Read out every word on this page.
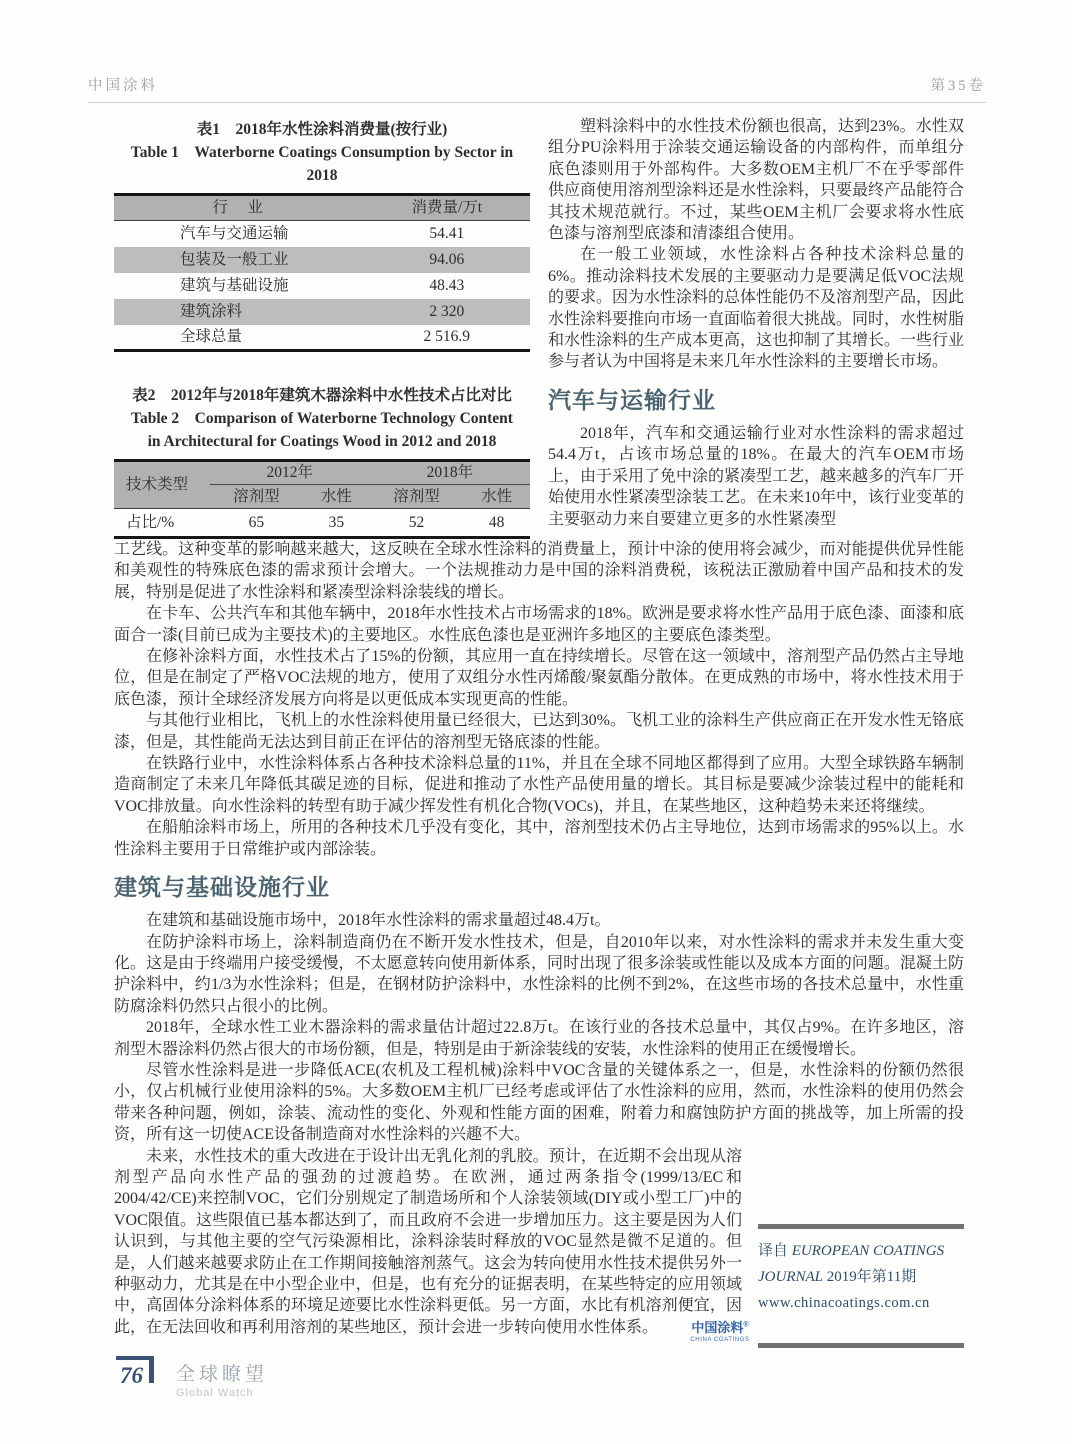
中国涂料	第35卷
表1　2018年水性涂料消费量(按行业)
Table 1　Waterborne Coatings Consumption by Sector in 2018
行　业	消费量/万t
汽车与交通运输	54.41
包装及一般工业	94.06
建筑与基础设施	48.43
建筑涂料	2 320
全球总量	2 516.9
表2　2012年与2018年建筑木器涂料中水性技术占比对比
Table 2　Comparison of Waterborne Technology Content in Architectural for Coatings Wood in 2012 and 2018
技术类型	2012年		2018年	
	溶剂型	水性	溶剂型	水性
占比/%	65	35	52	48

塑料涂料中的水性技术份额也很高，达到23%。水性双组分PU涂料用于涂装交通运输设备的内部构件，而单组分底色漆则用于外部构件。大多数OEM主机厂不在乎零部件供应商使用溶剂型涂料还是水性涂料，只要最终产品能符合其技术规范就行。不过，某些OEM主机厂会要求将水性底色漆与溶剂型底漆和清漆组合使用。

在一般工业领域，水性涂料占各种技术涂料总量的6%。推动涂料技术发展的主要驱动力是要满足低VOC法规的要求。因为水性涂料的总体性能仍不及溶剂型产品，因此水性涂料要推向市场一直面临着很大挑战。同时，水性树脂和水性涂料的生产成本更高，这也抑制了其增长。一些行业参与者认为中国将是未来几年水性涂料的主要增长市场。

汽车与运输行业

2018年，汽车和交通运输行业对水性涂料的需求超过54.4万t，占该市场总量的18%。在最大的汽车OEM市场上，由于采用了免中涂的紧凑型工艺，越来越多的汽车厂开始使用水性紧凑型涂装工艺。在未来10年中，该行业变革的主要驱动力来自要建立更多的水性紧凑型

工艺线。这种变革的影响越来越大，这反映在全球水性涂料的消费量上，预计中涂的使用将会减少，而对能提供优异性能和美观性的特殊底色漆的需求预计会增大。一个法规推动力是中国的涂料消费税，该税法正激励着中国产品和技术的发展，特别是促进了水性涂料和紧凑型涂料涂装线的增长。

在卡车、公共汽车和其他车辆中，2018年水性技术占市场需求的18%。欧洲是要求将水性产品用于底色漆、面漆和底面合一漆(目前已成为主要技术)的主要地区。水性底色漆也是亚洲许多地区的主要底色漆类型。

在修补涂料方面，水性技术占了15%的份额，其应用一直在持续增长。尽管在这一领域中，溶剂型产品仍然占主导地位，但是在制定了严格VOC法规的地方，使用了双组分水性丙烯酸/聚氨酯分散体。在更成熟的市场中，将水性技术用于底色漆，预计全球经济发展方向将是以更低成本实现更高的性能。

与其他行业相比，飞机上的水性涂料使用量已经很大，已达到30%。飞机工业的涂料生产供应商正在开发水性无铬底漆，但是，其性能尚无法达到目前正在评估的溶剂型无铬底漆的性能。

在铁路行业中，水性涂料体系占各种技术涂料总量的11%，并且在全球不同地区都得到了应用。大型全球铁路车辆制造商制定了未来几年降低其碳足迹的目标，促进和推动了水性产品使用量的增长。其目标是要减少涂装过程中的能耗和VOC排放量。向水性涂料的转型有助于减少挥发性有机化合物(VOCs)，并且，在某些地区，这种趋势未来还将继续。

在船舶涂料市场上，所用的各种技术几乎没有变化，其中，溶剂型技术仍占主导地位，达到市场需求的95%以上。水性涂料主要用于日常维护或内部涂装。

建筑与基础设施行业

在建筑和基础设施市场中，2018年水性涂料的需求量超过48.4万t。

在防护涂料市场上，涂料制造商仍在不断开发水性技术，但是，自2010年以来，对水性涂料的需求并未发生重大变化。这是由于终端用户接受缓慢，不太愿意转向使用新体系，同时出现了很多涂装或性能以及成本方面的问题。混凝土防护涂料中，约1/3为水性涂料；但是，在钢材防护涂料中，水性涂料的比例不到2%，在这些市场的各技术总量中，水性重防腐涂料仍然只占很小的比例。

2018年，全球水性工业木器涂料的需求量估计超过22.8万t。在该行业的各技术总量中，其仅占9%。在许多地区，溶剂型木器涂料仍然占很大的市场份额，但是，特别是由于新涂装线的安装，水性涂料的使用正在缓慢增长。

尽管水性涂料是进一步降低ACE(农机及工程机械)涂料中VOC含量的关键体系之一，但是，水性涂料的份额仍然很小，仅占机械行业使用涂料的5%。大多数OEM主机厂已经考虑或评估了水性涂料的应用，然而，水性涂料的使用仍然会带来各种问题，例如，涂装、流动性的变化、外观和性能方面的困难，附着力和腐蚀防护方面的挑战等，加上所需的投资，所有这一切使ACE设备制造商对水性涂料的兴趣不大。

译自 EUROPEAN COATINGS JOURNAL 2019年第11期
www.chinacoatings.com.cn
中国涂料®
CHINA COATINGS
未来，水性技术的重大改进在于设计出无乳化剂的乳胶。预计，在近期不会出现从溶剂型产品向水性产品的强劲的过渡趋势。在欧洲，通过两条指令(1999/13/EC和2004/42/CE)来控制VOC，它们分别规定了制造场所和个人涂装领域(DIY或小型工厂)中的VOC限值。这些限值已基本都达到了，而且政府不会进一步增加压力。这主要是因为人们认识到，与其他主要的空气污染源相比，涂料涂装时释放的VOC显然是微不足道的。但是，人们越来越要求防止在工作期间接触溶剂蒸气。这会为转向使用水性技术提供另外一种驱动力，尤其是在中小型企业中，但是，也有充分的证据表明，在某些特定的应用领域中，高固体分涂料体系的环境足迹要比水性涂料更低。另一方面，水比有机溶剂便宜，因此，在无法回收和再利用溶剂的某些地区，预计会进一步转向使用水性体系。

76 全球瞭望
Global Watch
